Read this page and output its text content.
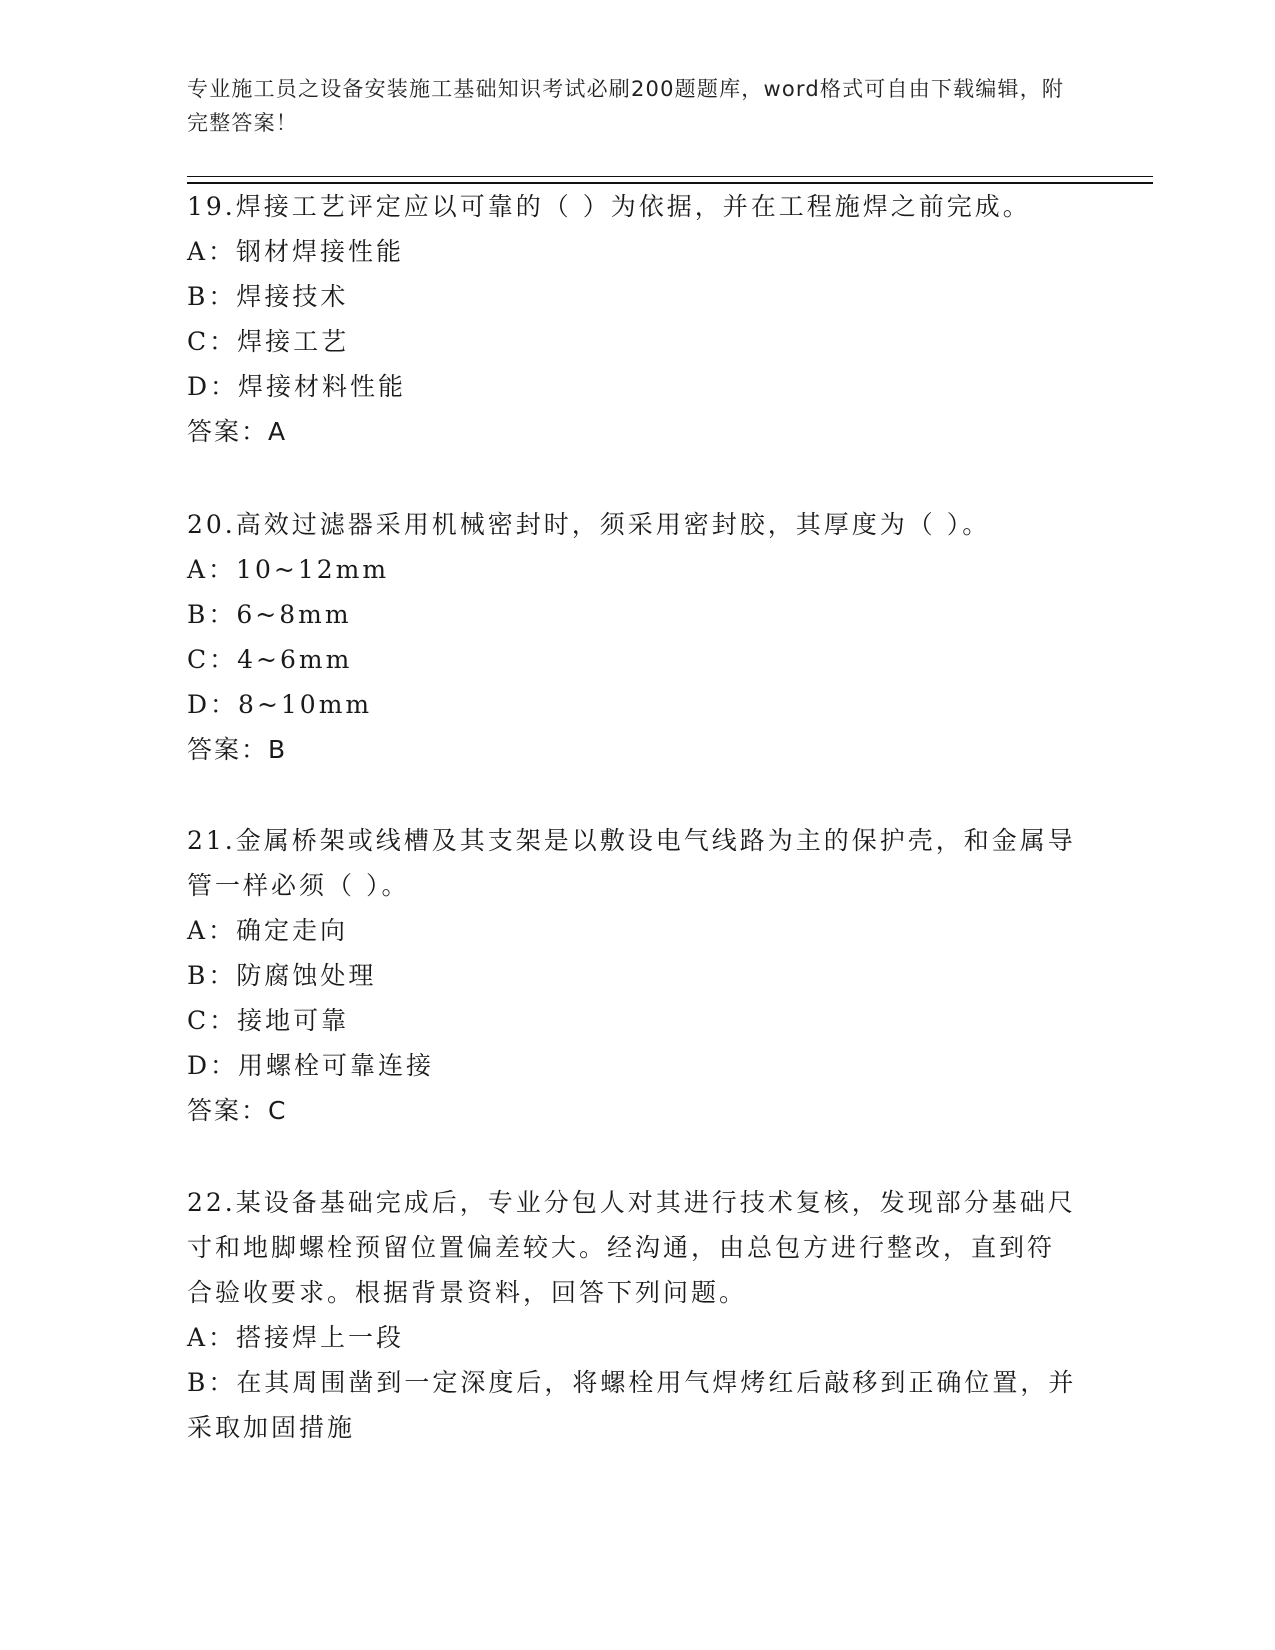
专业施工员之设备安装施工基础知识考试必刷200题题库，word格式可自由下载编辑，附完整答案！

19.焊接工艺评定应以可靠的（ ）为依据，并在工程施焊之前完成。

A：钢材焊接性能

B：焊接技术

C：焊接工艺

D：焊接材料性能

答案：A

20.高效过滤器采用机械密封时，须采用密封胶，其厚度为（ ）。

A：10~12mm

B：6~8mm

C：4~6mm

D：8~10mm

答案：B

21.金属桥架或线槽及其支架是以敷设电气线路为主的保护壳，和金属导管一样必须（ ）。

A：确定走向

B：防腐蚀处理

C：接地可靠

D：用螺栓可靠连接

答案：C

22.某设备基础完成后，专业分包人对其进行技术复核，发现部分基础尺寸和地脚螺栓预留位置偏差较大。经沟通，由总包方进行整改，直到符合验收要求。根据背景资料，回答下列问题。

A：搭接焊上一段

B：在其周围凿到一定深度后，将螺栓用气焊烤红后敲移到正确位置，并采取加固措施
